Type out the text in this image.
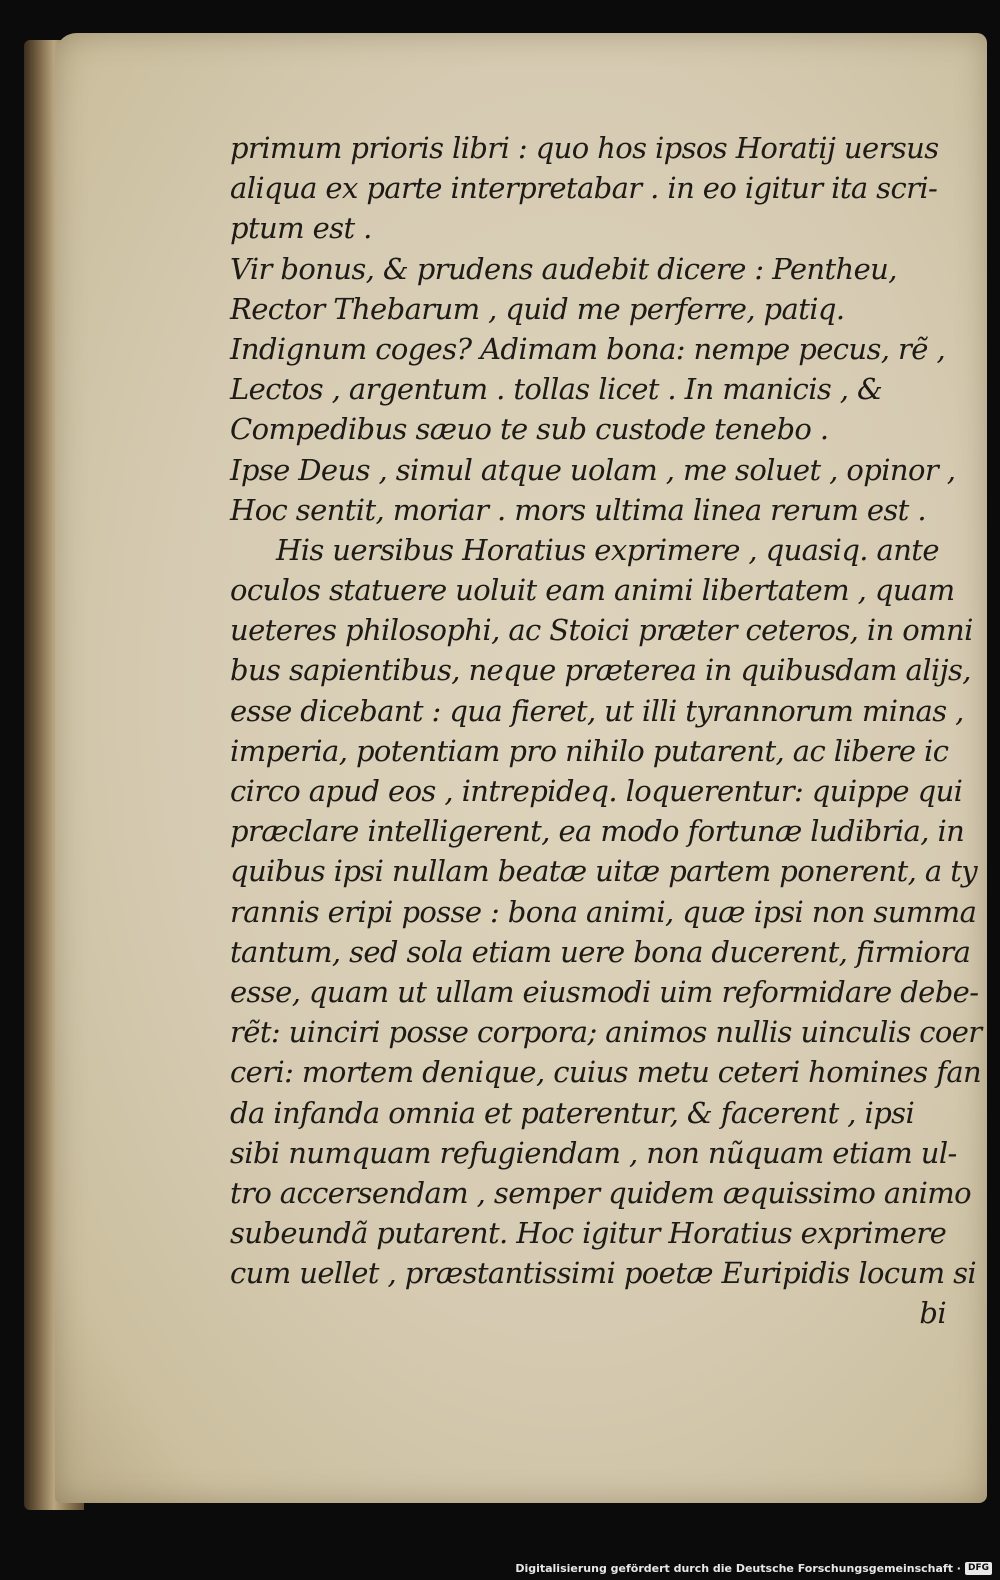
primum prioris libri : quo hos ipsos Horatij uersus
aliqua ex parte interpretabar . in eo igitur ita scri-
ptum est .
Vir bonus, & prudens audebit dicere : Pentheu,
Rector Thebarum , quid me perferre, patiq.
Indignum coges? Adimam bona: nempe pecus, rẽ ,
Lectos , argentum . tollas licet . In manicis , &
Compedibus sæuo te sub custode tenebo .
Ipse Deus , simul atque uolam , me soluet , opinor ,
Hoc sentit, moriar . mors ultima linea rerum est .
His uersibus Horatius exprimere , quasiq. ante
oculos statuere uoluit eam animi libertatem , quam
ueteres philosophi, ac Stoici præter ceteros, in omni
bus sapientibus, neque præterea in quibusdam alijs,
esse dicebant : qua fieret, ut illi tyrannorum minas ,
imperia, potentiam pro nihilo putarent, ac libere ic
circo apud eos , intrepideq. loquerentur: quippe qui
præclare intelligerent, ea modo fortunæ ludibria, in
quibus ipsi nullam beatæ uitæ partem ponerent, a ty
rannis eripi posse : bona animi, quæ ipsi non summa
tantum, sed sola etiam uere bona ducerent, firmiora
esse, quam ut ullam eiusmodi uim reformidare debe-
rẽt: uinciri posse corpora; animos nullis uinculis coer
ceri: mortem denique, cuius metu ceteri homines fan
da infanda omnia et paterentur, & facerent , ipsi
sibi numquam refugiendam , non nũquam etiam ul-
tro accersendam , semper quidem æquissimo animo
subeundã putarent. Hoc igitur Horatius exprimere
cum uellet , præstantissimi poetæ Euripidis locum si
bi
Digitalisierung gefördert durch die Deutsche Forschungsgemeinschaft · DFG
